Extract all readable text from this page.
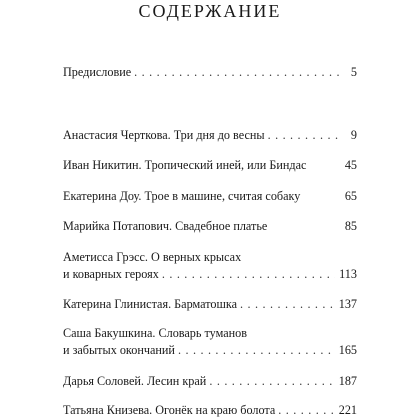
содержание
Предисловие . . .	5
Анастасия Черткова. Три дня до весны . . .	9
Иван Никитин. Тропический иней, или Биндас	45
Екатерина Доу. Трое в машине, считая собаку	65
Марийка Потапович. Свадебное платье	85
Аметисса Грэсс. О верных крысах
и коварных героях . . .	113
Катерина Глинистая. Барматошка . . .	137
Саша Бакушкина. Словарь туманов
и забытых окончаний . . .	165
Дарья Соловей. Лесин край . . .	187
Татьяна Книзева. Огонёк на краю болота . . .	221
